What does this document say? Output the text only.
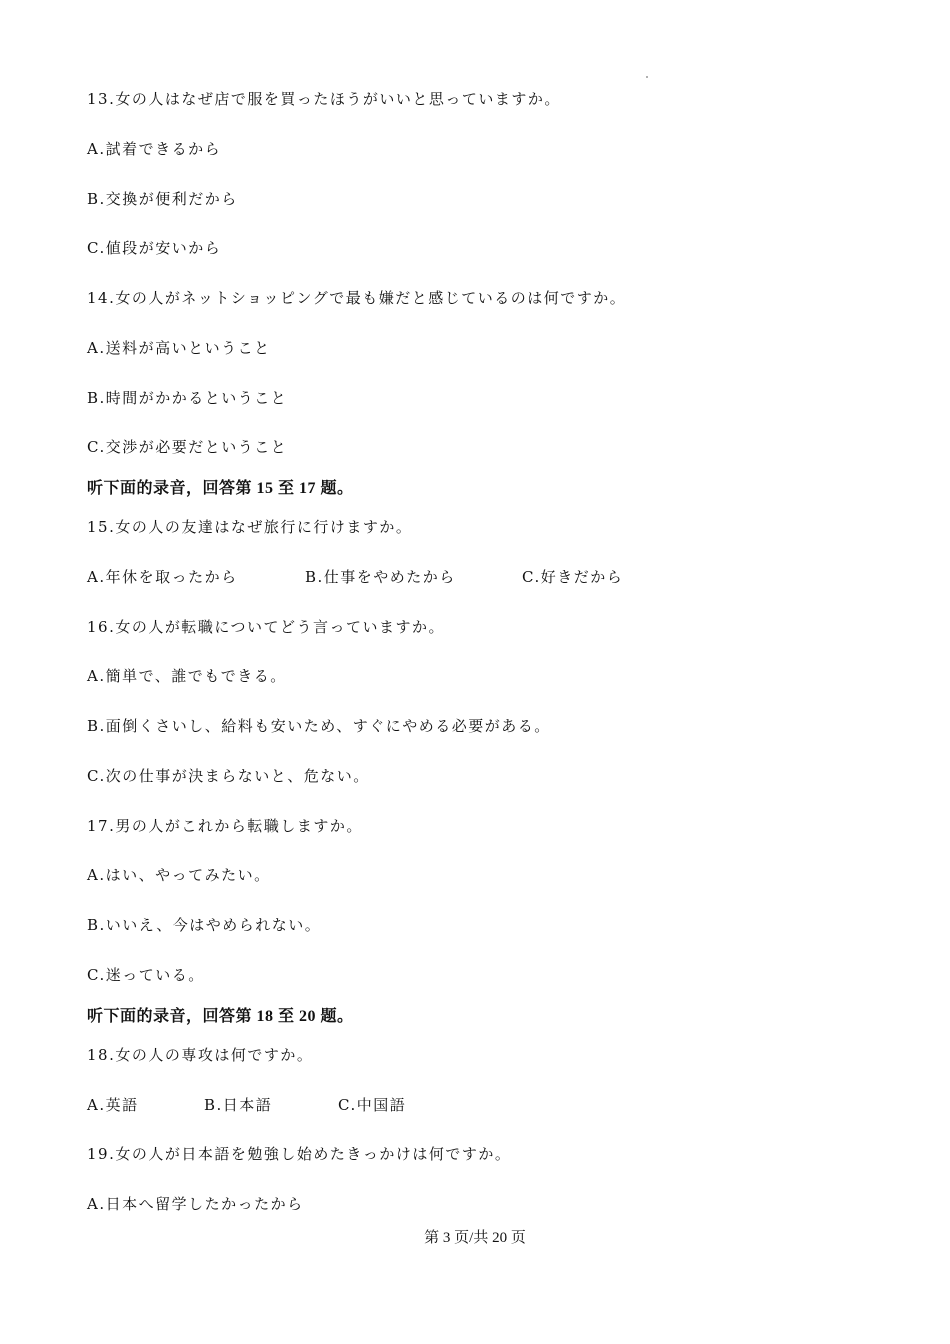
13.女の人はなぜ店で服を買ったほうがいいと思っていますか。
A.試着できるから
B.交換が便利だから
C.値段が安いから
14.女の人がネットショッピングで最も嫌だと感じているのは何ですか。
A.送料が高いということ
B.時間がかかるということ
C.交渉が必要だということ
听下面的录音，回答第 15 至 17 题。
15.女の人の友達はなぜ旅行に行けますか。
A.年休を取ったから	B.仕事をやめたから	C.好きだから
16.女の人が転職についてどう言っていますか。
A.簡単で、誰でもできる。
B.面倒くさいし、給料も安いため、すぐにやめる必要がある。
C.次の仕事が決まらないと、危ない。
17.男の人がこれから転職しますか。
A.はい、やってみたい。
B.いいえ、今はやめられない。
C.迷っている。
听下面的录音，回答第 18 至 20 题。
18.女の人の専攻は何ですか。
A.英語	B.日本語	C.中国語
19.女の人が日本語を勉強し始めたきっかけは何ですか。
A.日本へ留学したかったから
第 3 页/共 20 页
